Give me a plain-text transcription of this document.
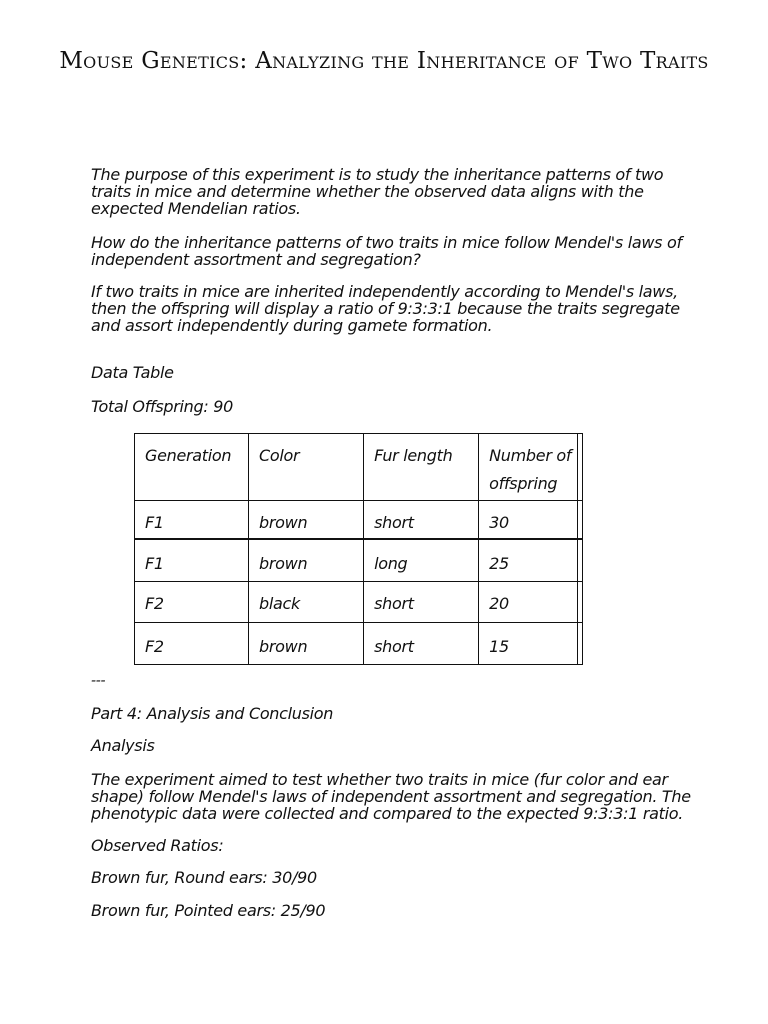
Mouse Genetics: Analyzing the Inheritance of Two Traits

The purpose of this experiment is to study the inheritance patterns of two traits in mice and determine whether the observed data aligns with the expected Mendelian ratios.

How do the inheritance patterns of two traits in mice follow Mendel's laws of independent assortment and segregation?

If two traits in mice are inherited independently according to Mendel's laws, then the offspring will display a ratio of 9:3:3:1 because the traits segregate and assort independently during gamete formation.

Data Table

Total Offspring: 90

Generation	Color	Fur length	Number of offspring	
F1	brown	short	30	
F1	brown	long	25	
F2	black	short	20	
F2	brown	short	15	

---

Part 4: Analysis and Conclusion

Analysis

The experiment aimed to test whether two traits in mice (fur color and ear shape) follow Mendel's laws of independent assortment and segregation. The phenotypic data were collected and compared to the expected 9:3:3:1 ratio.

Observed Ratios:

Brown fur, Round ears: 30/90

Brown fur, Pointed ears: 25/90
